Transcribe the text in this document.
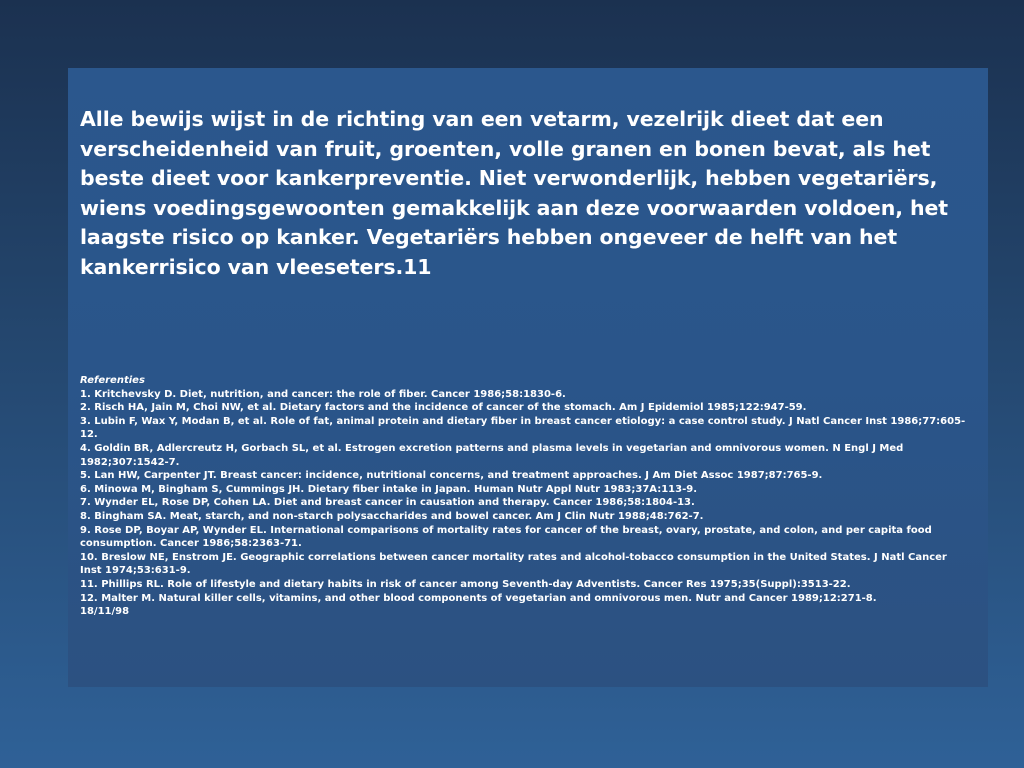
Alle bewijs wijst in de richting van een vetarm, vezelrijk dieet dat een verscheidenheid van fruit, groenten, volle granen en bonen bevat, als het beste dieet voor kankerpreventie. Niet verwonderlijk, hebben vegetariërs, wiens voedingsgewoonten gemakkelijk aan deze voorwaarden voldoen, het laagste risico op kanker. Vegetariërs hebben ongeveer de helft van het kankerrisico van vleeseters.11

Referenties
1. Kritchevsky D. Diet, nutrition, and cancer: the role of fiber. Cancer 1986;58:1830-6.
2. Risch HA, Jain M, Choi NW, et al. Dietary factors and the incidence of cancer of the stomach. Am J Epidemiol 1985;122:947-59.
3. Lubin F, Wax Y, Modan B, et al. Role of fat, animal protein and dietary fiber in breast cancer etiology: a case control study. J Natl Cancer Inst 1986;77:605-12.
4. Goldin BR, Adlercreutz H, Gorbach SL, et al. Estrogen excretion patterns and plasma levels in vegetarian and omnivorous women. N Engl J Med 1982;307:1542-7.
5. Lan HW, Carpenter JT. Breast cancer: incidence, nutritional concerns, and treatment approaches. J Am Diet Assoc 1987;87:765-9.
6. Minowa M, Bingham S, Cummings JH. Dietary fiber intake in Japan. Human Nutr Appl Nutr 1983;37A:113-9.
7. Wynder EL, Rose DP, Cohen LA. Diet and breast cancer in causation and therapy. Cancer 1986;58:1804-13.
8. Bingham SA. Meat, starch, and non-starch polysaccharides and bowel cancer. Am J Clin Nutr 1988;48:762-7.
9. Rose DP, Boyar AP, Wynder EL. International comparisons of mortality rates for cancer of the breast, ovary, prostate, and colon, and per capita food consumption. Cancer 1986;58:2363-71.
10. Breslow NE, Enstrom JE. Geographic correlations between cancer mortality rates and alcohol-tobacco consumption in the United States. J Natl Cancer Inst 1974;53:631-9.
11. Phillips RL. Role of lifestyle and dietary habits in risk of cancer among Seventh-day Adventists. Cancer Res 1975;35(Suppl):3513-22.
12. Malter M. Natural killer cells, vitamins, and other blood components of vegetarian and omnivorous men. Nutr and Cancer 1989;12:271-8.
18/11/98
